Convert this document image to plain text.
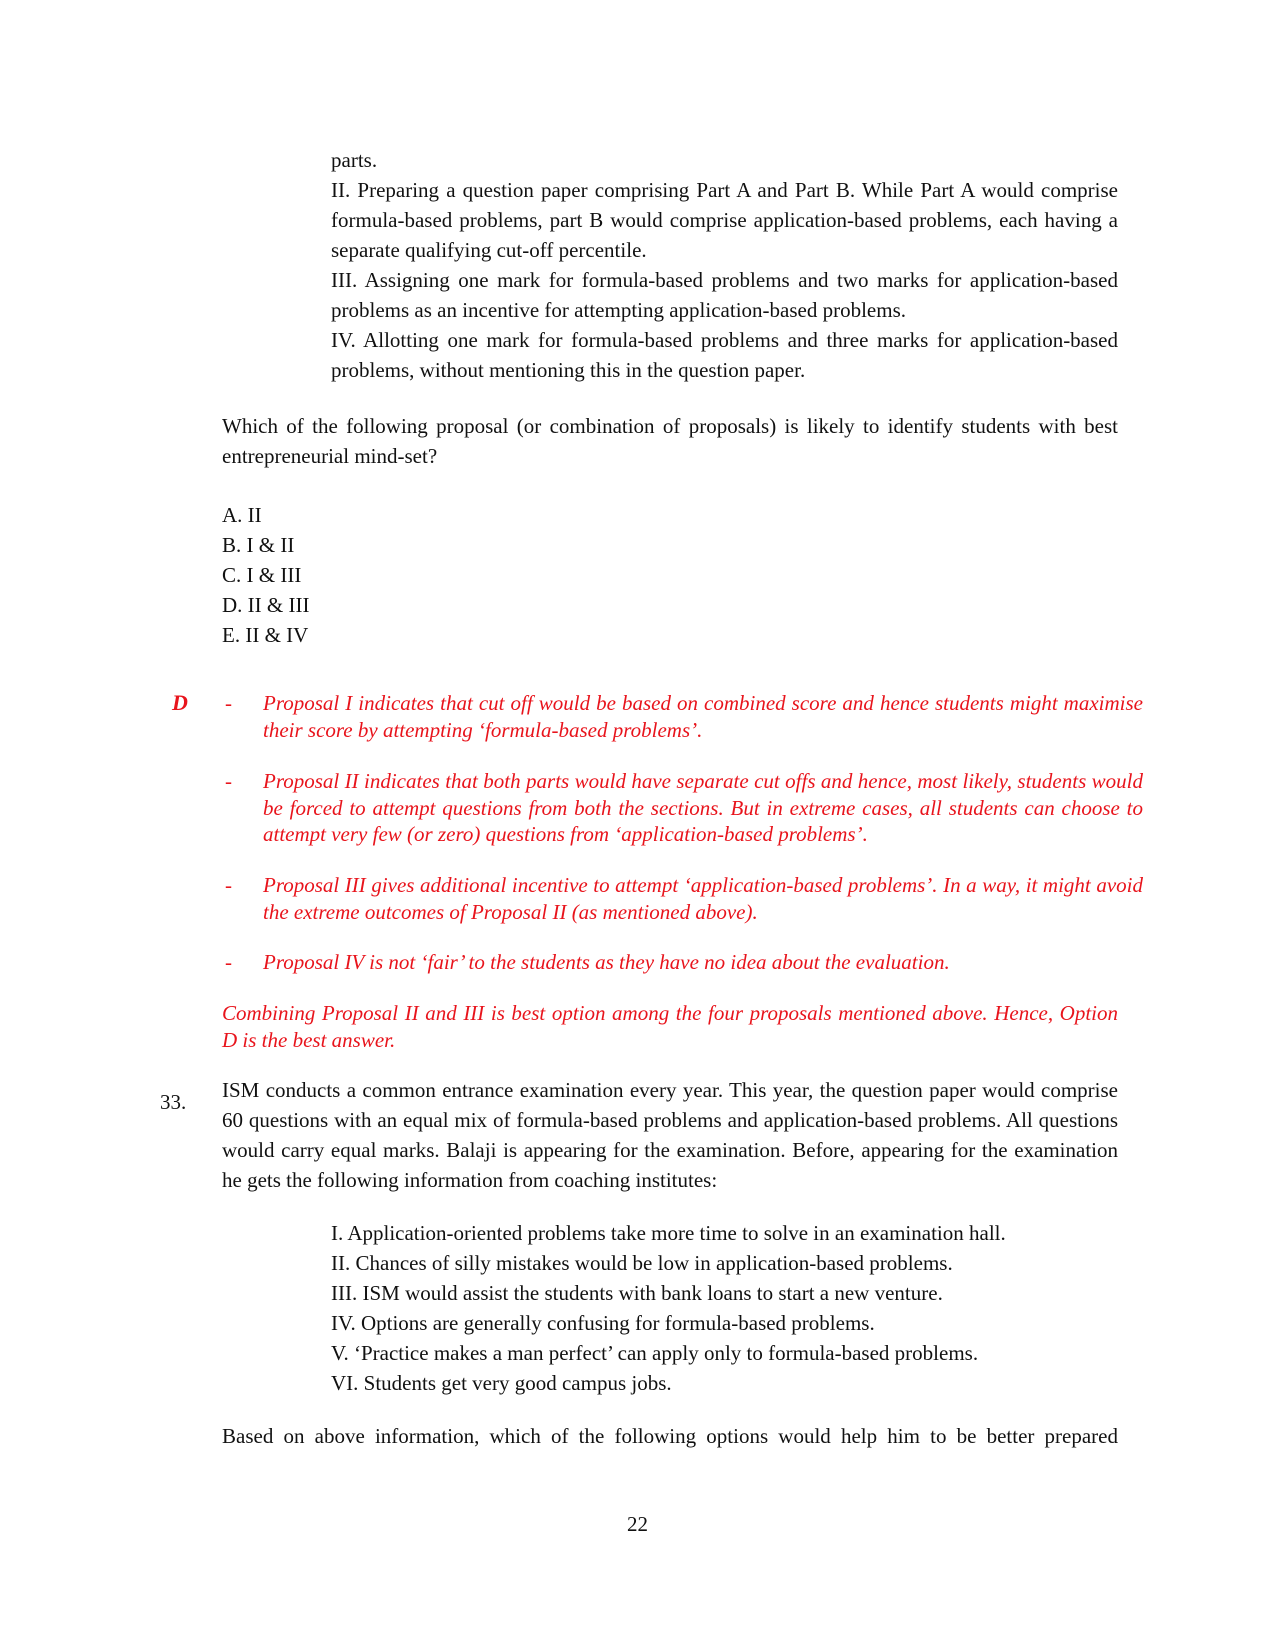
parts.
II. Preparing a question paper comprising Part A and Part B. While Part A would comprise formula-based problems, part B would comprise application-based problems, each having a separate qualifying cut-off percentile.
III. Assigning one mark for formula-based problems and two marks for application-based problems as an incentive for attempting application-based problems.
IV. Allotting one mark for formula-based problems and three marks for application-based problems, without mentioning this in the question paper.
Which of the following proposal (or combination of proposals) is likely to identify students with best entrepreneurial mind-set?
A. II
B. I & II
C. I & III
D. II & III
E. II & IV
D - Proposal I indicates that cut off would be based on combined score and hence students might maximise their score by attempting ‘formula-based problems’.
- Proposal II indicates that both parts would have separate cut offs and hence, most likely, students would be forced to attempt questions from both the sections. But in extreme cases, all students can choose to attempt very few (or zero) questions from ‘application-based problems’.
- Proposal III gives additional incentive to attempt ‘application-based problems’. In a way, it might avoid the extreme outcomes of Proposal II (as mentioned above).
- Proposal IV is not ‘fair’ to the students as they have no idea about the evaluation.
Combining Proposal II and III is best option among the four proposals mentioned above. Hence, Option D is the best answer.
33. ISM conducts a common entrance examination every year. This year, the question paper would comprise 60 questions with an equal mix of formula-based problems and application-based problems. All questions would carry equal marks. Balaji is appearing for the examination. Before, appearing for the examination he gets the following information from coaching institutes:
I. Application-oriented problems take more time to solve in an examination hall.
II. Chances of silly mistakes would be low in application-based problems.
III. ISM would assist the students with bank loans to start a new venture.
IV. Options are generally confusing for formula-based problems.
V. ‘Practice makes a man perfect’ can apply only to formula-based problems.
VI. Students get very good campus jobs.
Based on above information, which of the following options would help him to be better prepared
22
